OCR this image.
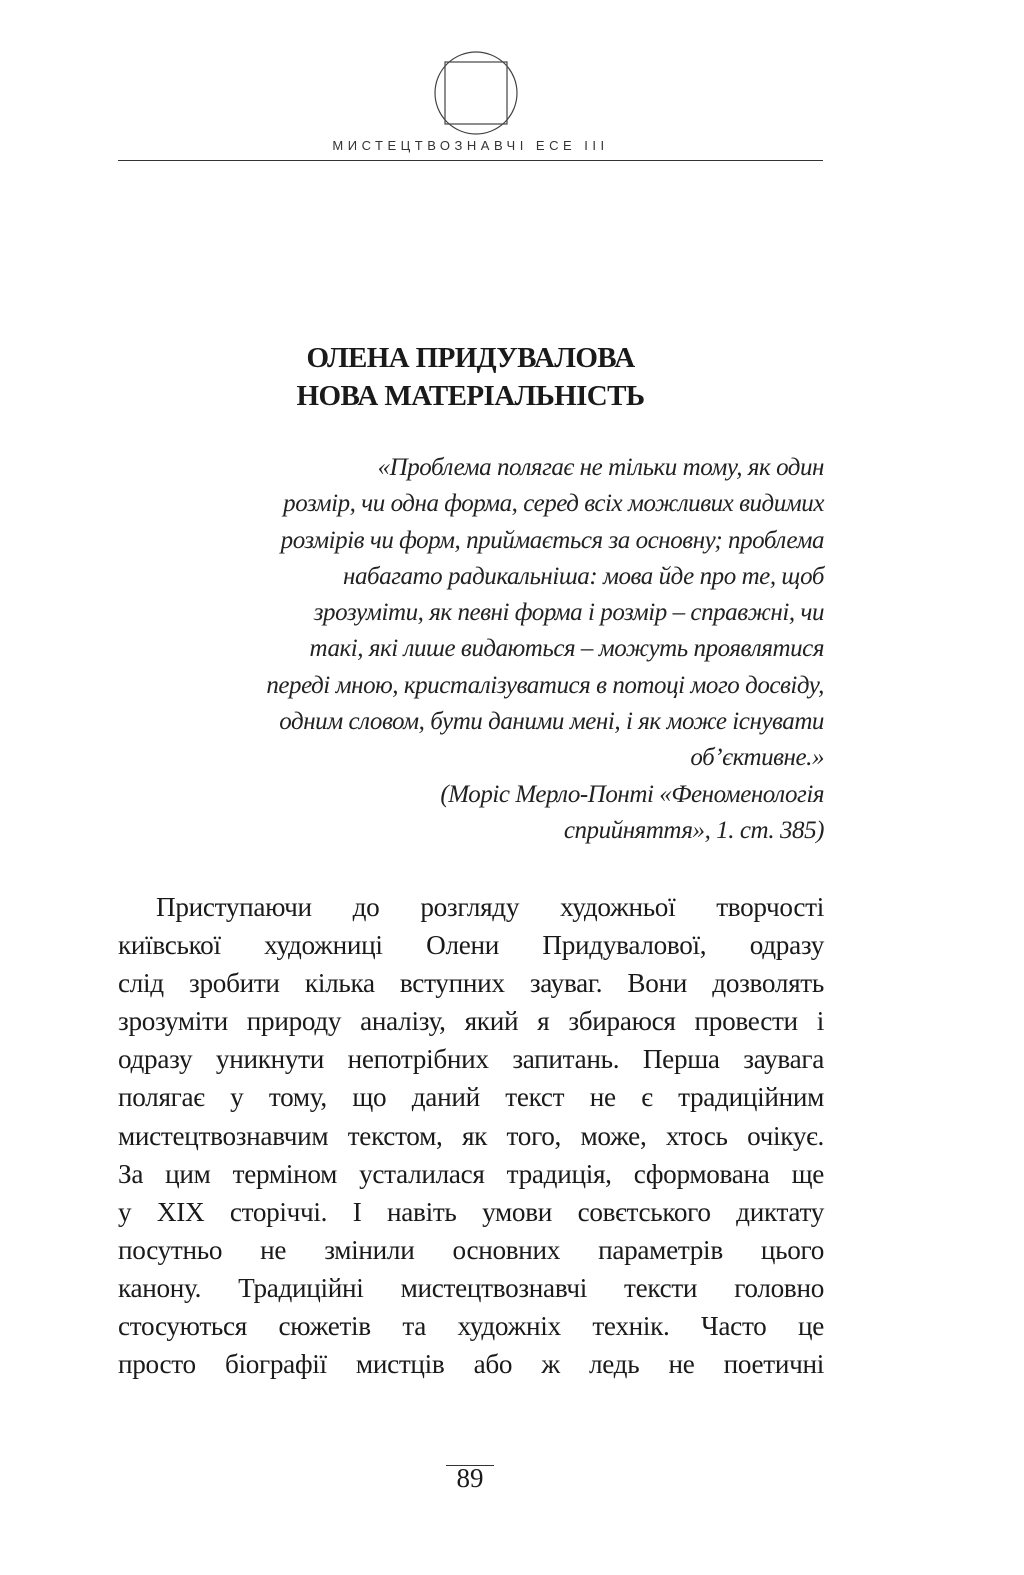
МИСТЕЦТВОЗНАВЧІ ЕСЕ III
ОЛЕНА ПРИДУВАЛОВА
НОВА МАТЕРІАЛЬНІСТЬ
«Проблема полягає не тільки тому, як один
розмір, чи одна форма, серед всіх можливих видимих
розмірів чи форм, приймається за основну; проблема
набагато радикальніша: мова йде про те, щоб
зрозуміти, як певні форма і розмір – справжні, чи
такі, які лише видаються – можуть проявлятися
переді мною, кристалізуватися в потоці мого досвіду,
одним словом, бути даними мені, і як може існувати
об’єктивне.»
(Моріс Мерло-Понті «Феноменологія
сприйняття», 1. ст. 385)
Приступаючи до розгляду художньої творчості
київської художниці Олени Придувалової, одразу
слід зробити кілька вступних зауваг. Вони дозволять
зрозуміти природу аналізу, який я збираюся провести і
одразу уникнути непотрібних запитань. Перша заувага
полягає у тому, що даний текст не є традиційним
мистецтвознавчим текстом, як того, може, хтось очікує.
За цим терміном усталилася традиція, сформована ще
у XIX сторіччі. І навіть умови совєтського диктату
посутньо не змінили основних параметрів цього
канону. Традиційні мистецтвознавчі тексти головно
стосуються сюжетів та художніх технік. Часто це
просто біографії мистців або ж ледь не поетичні
89
